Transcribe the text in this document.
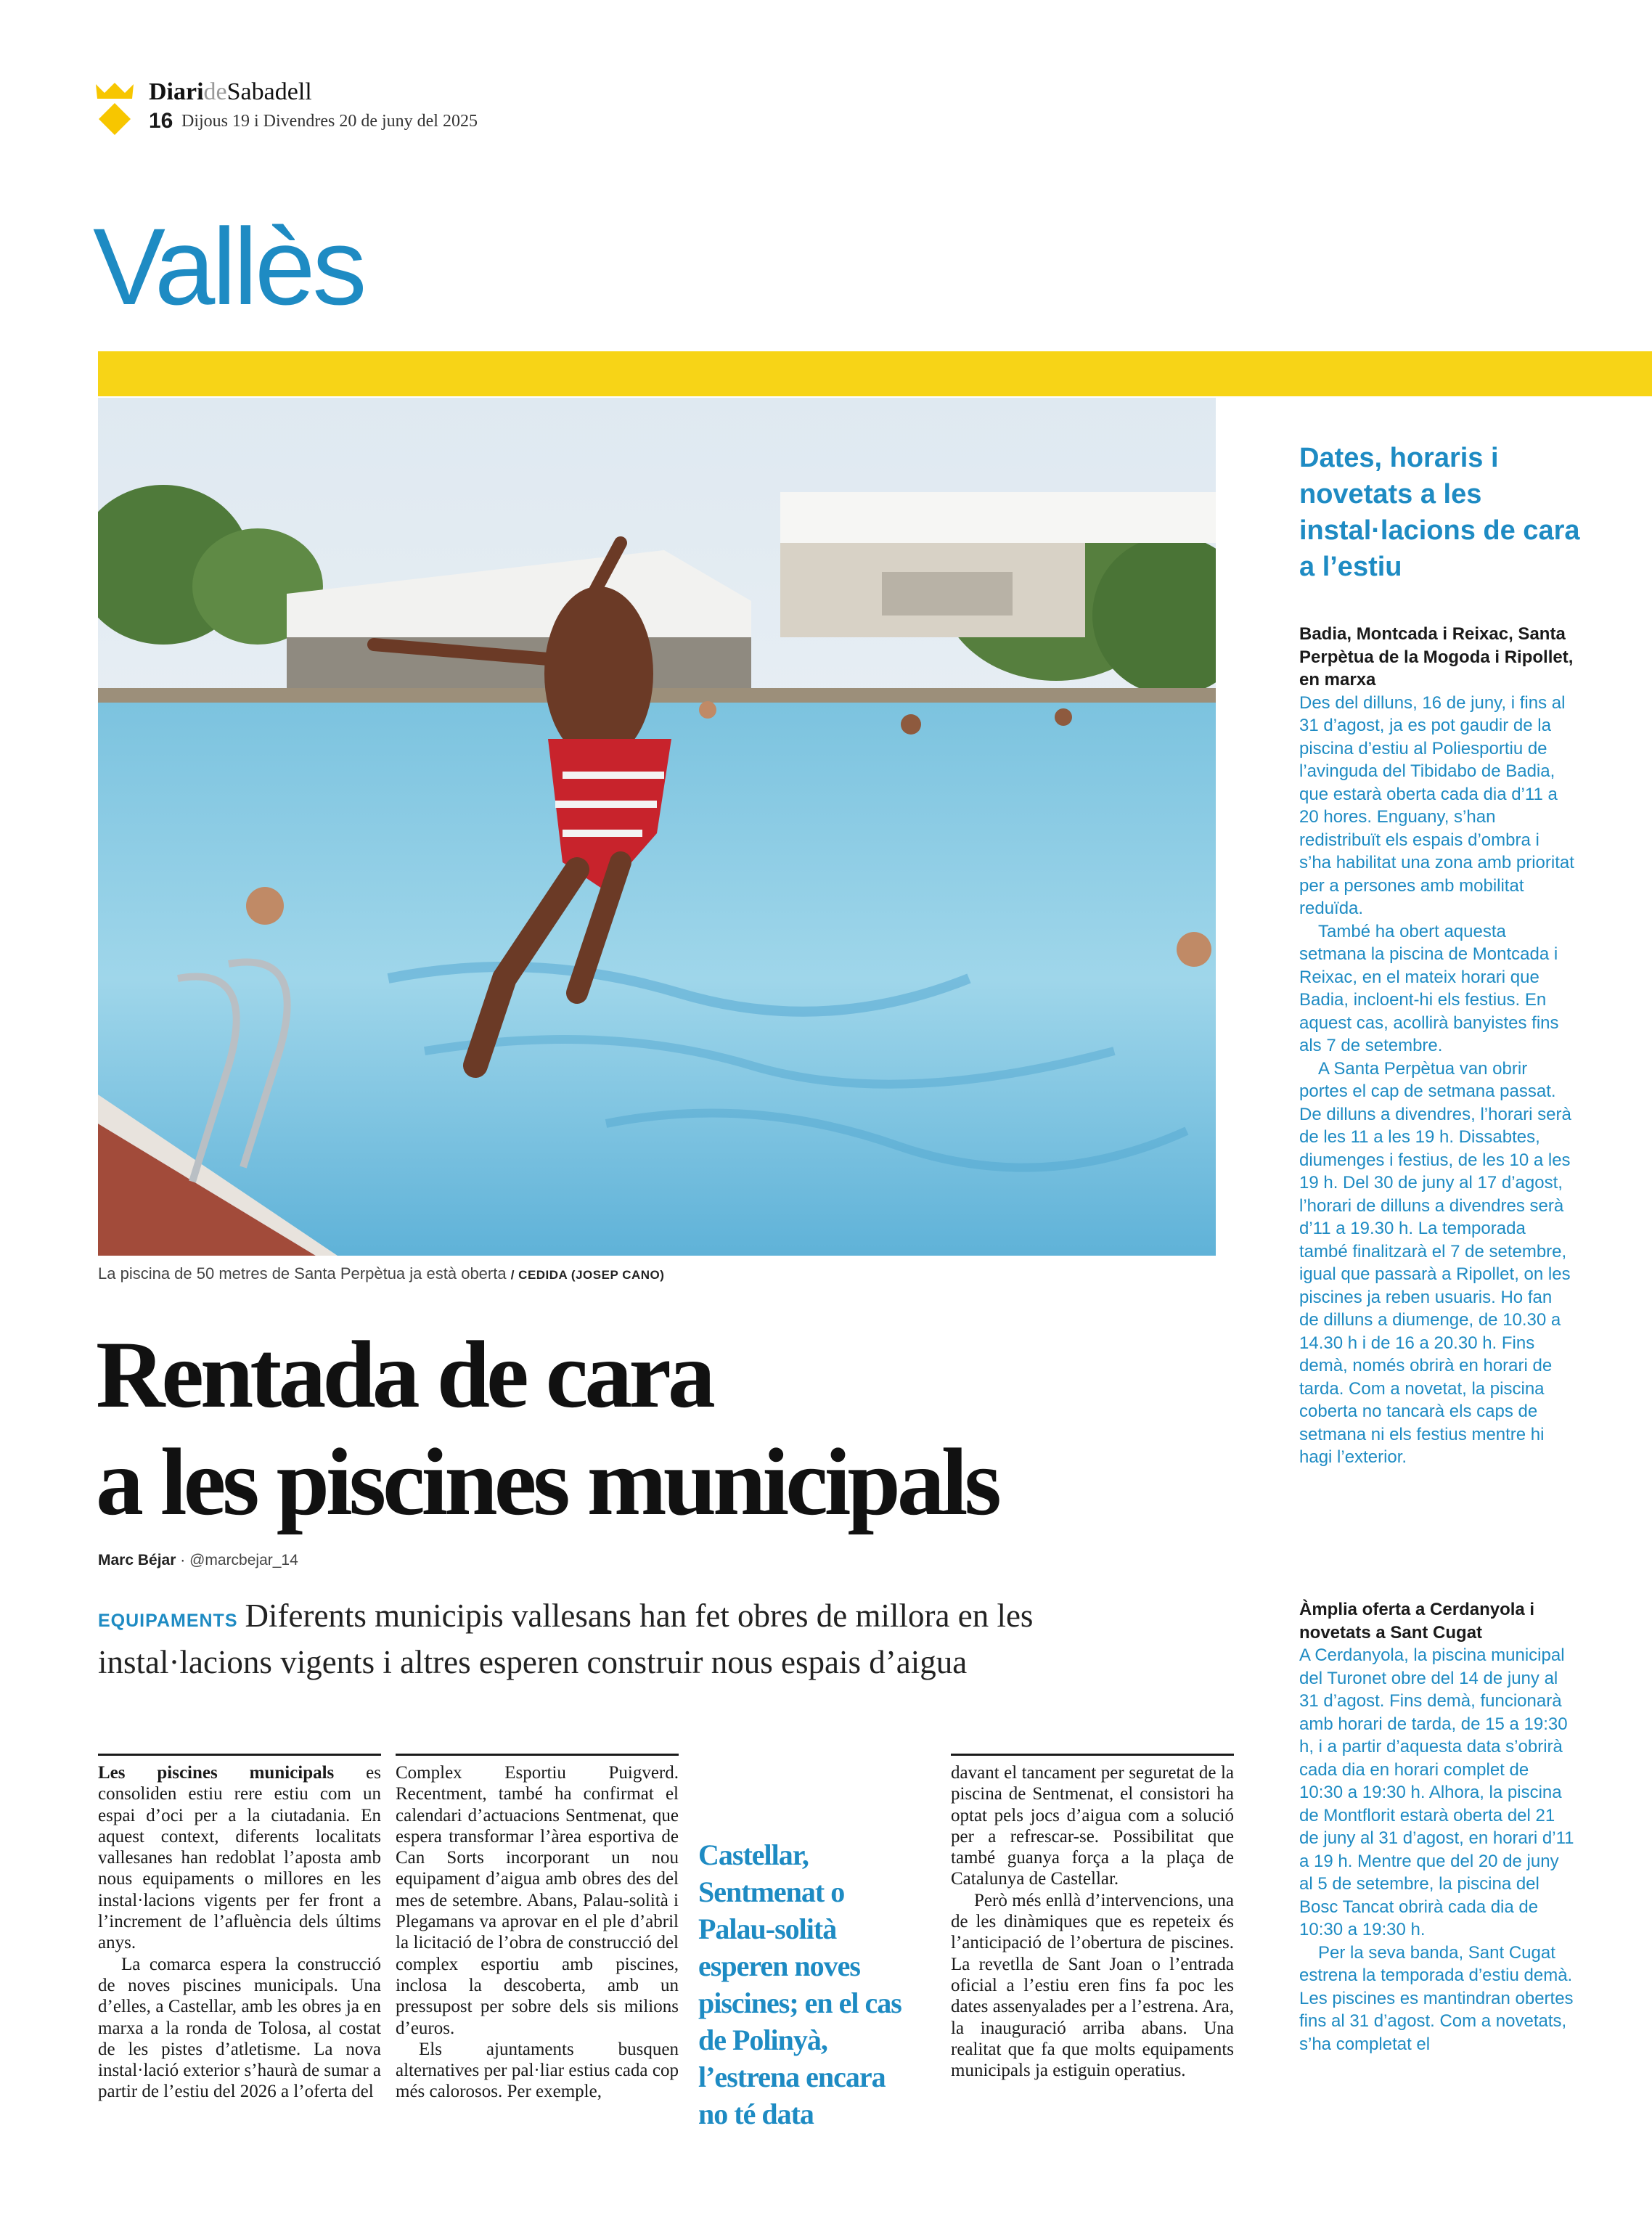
DiarideSabadell
16 Dijous 19 i Divendres 20 de juny del 2025
Vallès
La piscina de 50 metres de Santa Perpètua ja està oberta / CEDIDA (JOSEP CANO)
Rentada de cara
a les piscines municipals
Marc Béjar · @marcbejar_14
EQUIPAMENTS Diferents municipis vallesans han fet obres de millora en les instal·lacions vigents i altres esperen construir nous espais d’aigua

Les piscines municipals es consoliden estiu rere estiu com un espai d’oci per a la ciutadania. En aquest context, diferents localitats vallesanes han redoblat l’aposta amb nous equipaments o millores en les instal·lacions vigents per fer front a l’increment de l’afluència dels últims anys.

La comarca espera la construcció de noves piscines municipals. Una d’elles, a Castellar, amb les obres ja en marxa a la ronda de Tolosa, al costat de les pistes d’atletisme. La nova instal·lació exterior s’haurà de sumar a partir de l’estiu del 2026 a l’oferta del

Complex Esportiu Puigverd. Recentment, també ha confirmat el calendari d’actuacions Sentmenat, que espera transformar l’àrea esportiva de Can Sorts incorporant un nou equipament d’aigua amb obres des del mes de setembre. Abans, Palau-solità i Plegamans va aprovar en el ple d’abril la licitació de l’obra de construcció del complex esportiu amb piscines, inclosa la descoberta, amb un pressupost per sobre dels sis milions d’euros.

Els ajuntaments busquen alternatives per pal·liar estius cada cop més calorosos. Per exemple,

Castellar, Sentmenat o Palau-solità esperen noves piscines; en el cas de Polinyà, l’estrena encara no té data

davant el tancament per seguretat de la piscina de Sentmenat, el consistori ha optat pels jocs d’aigua com a solució per a refrescar-se. Possibilitat que també guanya força a la plaça de Catalunya de Castellar.

Però més enllà d’intervencions, una de les dinàmiques que es repeteix és l’anticipació de l’obertura de piscines. La revetlla de Sant Joan o l’entrada oficial a l’estiu eren fins fa poc les dates assenyalades per a l’estrena. Ara, la inauguració arriba abans. Una realitat que fa que molts equipaments municipals ja estiguin operatius.

Dates, horaris i novetats a les instal·lacions de cara a l’estiu
Badia, Montcada i Reixac, Santa Perpètua de la Mogoda i Ripollet, en marxa

Des del dilluns, 16 de juny, i fins al 31 d’agost, ja es pot gaudir de la piscina d’estiu al Poliesportiu de l’avinguda del Tibidabo de Badia, que estarà oberta cada dia d’11 a 20 hores. Enguany, s’han redistribuït els espais d’ombra i s’ha habilitat una zona amb prioritat per a persones amb mobilitat reduïda.

També ha obert aquesta setmana la piscina de Montcada i Reixac, en el mateix horari que Badia, incloent-hi els festius. En aquest cas, acollirà banyistes fins als 7 de setembre.

A Santa Perpètua van obrir portes el cap de setmana passat. De dilluns a divendres, l’horari serà de les 11 a les 19 h. Dissabtes, diumenges i festius, de les 10 a les 19 h. Del 30 de juny al 17 d’agost, l’horari de dilluns a divendres serà d’11 a 19.30 h. La temporada també finalitzarà el 7 de setembre, igual que passarà a Ripollet, on les piscines ja reben usuaris. Ho fan de dilluns a diumenge, de 10.30 a 14.30 h i de 16 a 20.30 h. Fins demà, només obrirà en horari de tarda. Com a novetat, la piscina coberta no tancarà els caps de setmana ni els festius mentre hi hagi l’exterior.

Àmplia oferta a Cerdanyola i novetats a Sant Cugat

A Cerdanyola, la piscina municipal del Turonet obre del 14 de juny al 31 d’agost. Fins demà, funcionarà amb horari de tarda, de 15 a 19:30 h, i a partir d’aquesta data s’obrirà cada dia en horari complet de 10:30 a 19:30 h. Alhora, la piscina de Montflorit estarà oberta del 21 de juny al 31 d’agost, en horari d’11 a 19 h. Mentre que del 20 de juny al 5 de setembre, la piscina del Bosc Tancat obrirà cada dia de 10:30 a 19:30 h.

Per la seva banda, Sant Cugat estrena la temporada d’estiu demà. Les piscines es mantindran obertes fins al 31 d’agost. Com a novetats, s’ha completat el
